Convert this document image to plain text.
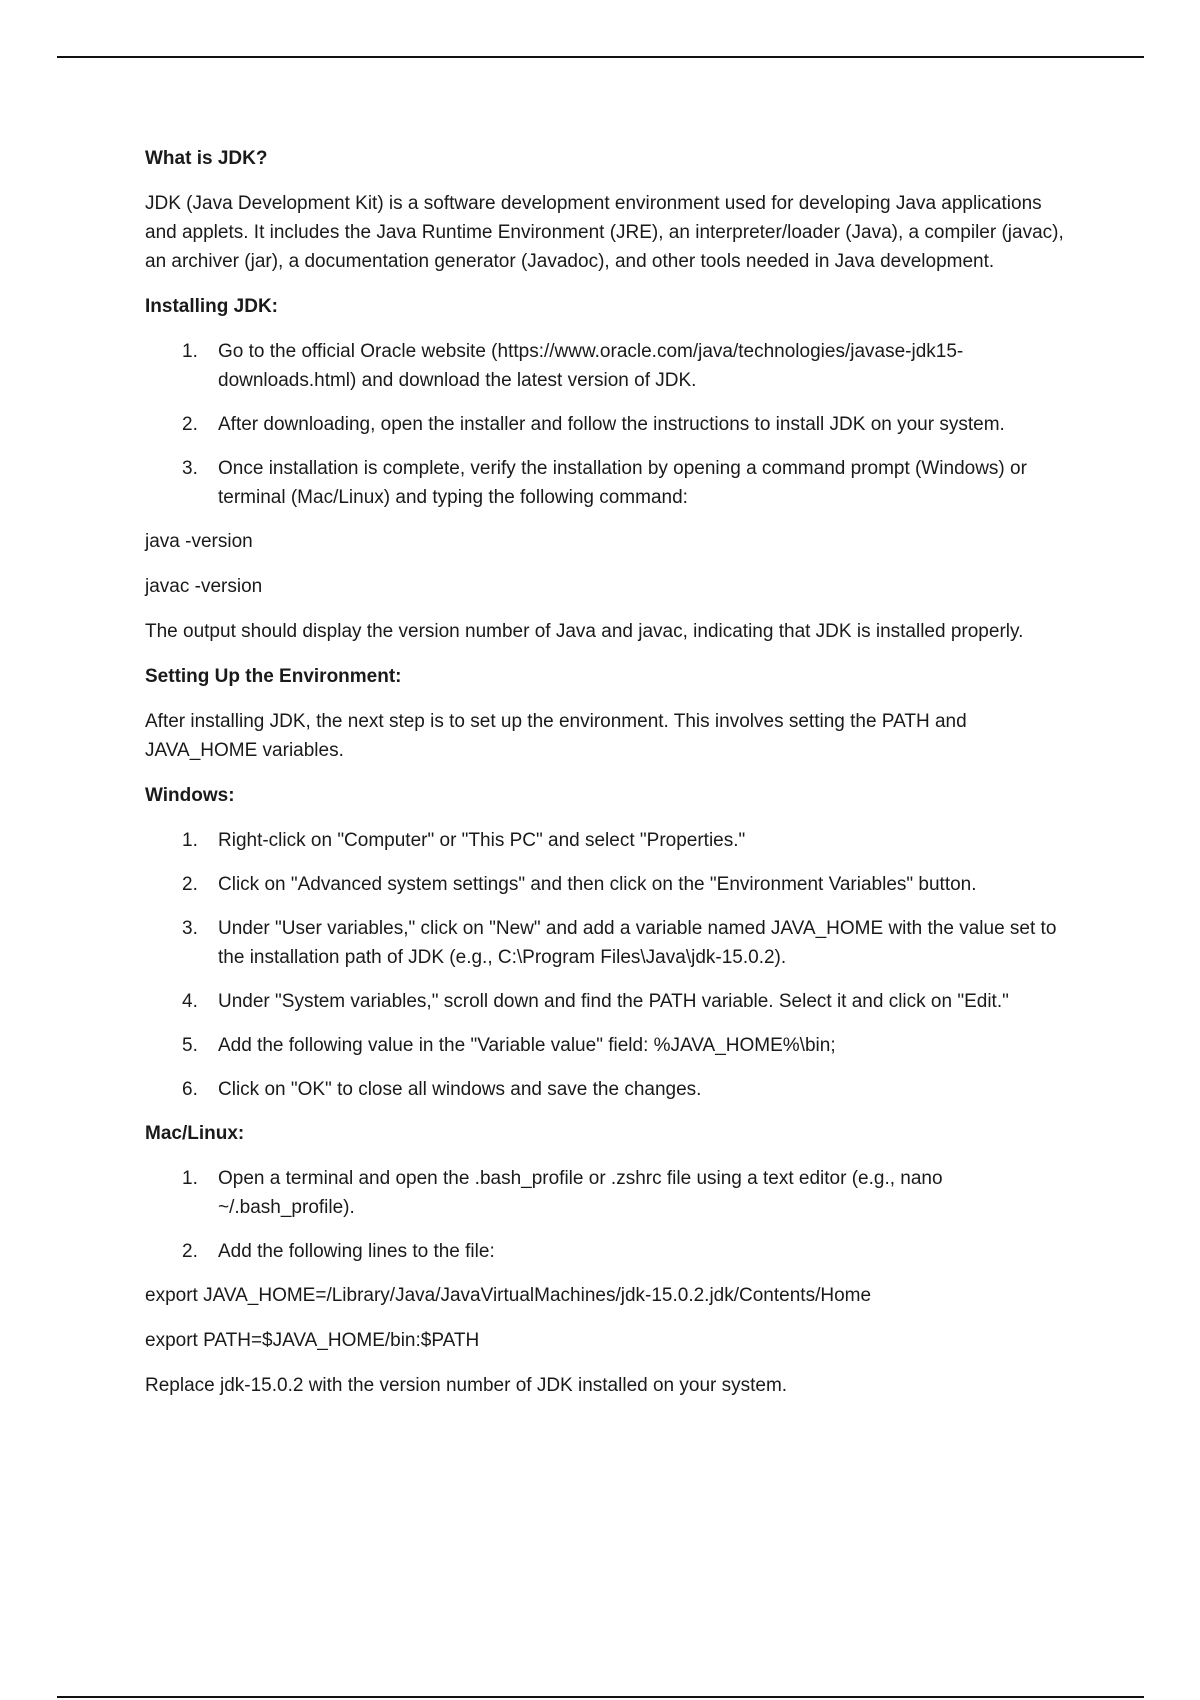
What is JDK?
JDK (Java Development Kit) is a software development environment used for developing Java applications and applets. It includes the Java Runtime Environment (JRE), an interpreter/loader (Java), a compiler (javac), an archiver (jar), a documentation generator (Javadoc), and other tools needed in Java development.
Installing JDK:
1. Go to the official Oracle website (https://www.oracle.com/java/technologies/javase-jdk15-downloads.html) and download the latest version of JDK.
2. After downloading, open the installer and follow the instructions to install JDK on your system.
3. Once installation is complete, verify the installation by opening a command prompt (Windows) or terminal (Mac/Linux) and typing the following command:
java -version
javac -version
The output should display the version number of Java and javac, indicating that JDK is installed properly.
Setting Up the Environment:
After installing JDK, the next step is to set up the environment. This involves setting the PATH and JAVA_HOME variables.
Windows:
1. Right-click on "Computer" or "This PC" and select "Properties."
2. Click on "Advanced system settings" and then click on the "Environment Variables" button.
3. Under "User variables," click on "New" and add a variable named JAVA_HOME with the value set to the installation path of JDK (e.g., C:\Program Files\Java\jdk-15.0.2).
4. Under "System variables," scroll down and find the PATH variable. Select it and click on "Edit."
5. Add the following value in the "Variable value" field: %JAVA_HOME%\bin;
6. Click on "OK" to close all windows and save the changes.
Mac/Linux:
1. Open a terminal and open the .bash_profile or .zshrc file using a text editor (e.g., nano ~/.bash_profile).
2. Add the following lines to the file:
export JAVA_HOME=/Library/Java/JavaVirtualMachines/jdk-15.0.2.jdk/Contents/Home
export PATH=$JAVA_HOME/bin:$PATH
Replace jdk-15.0.2 with the version number of JDK installed on your system.
